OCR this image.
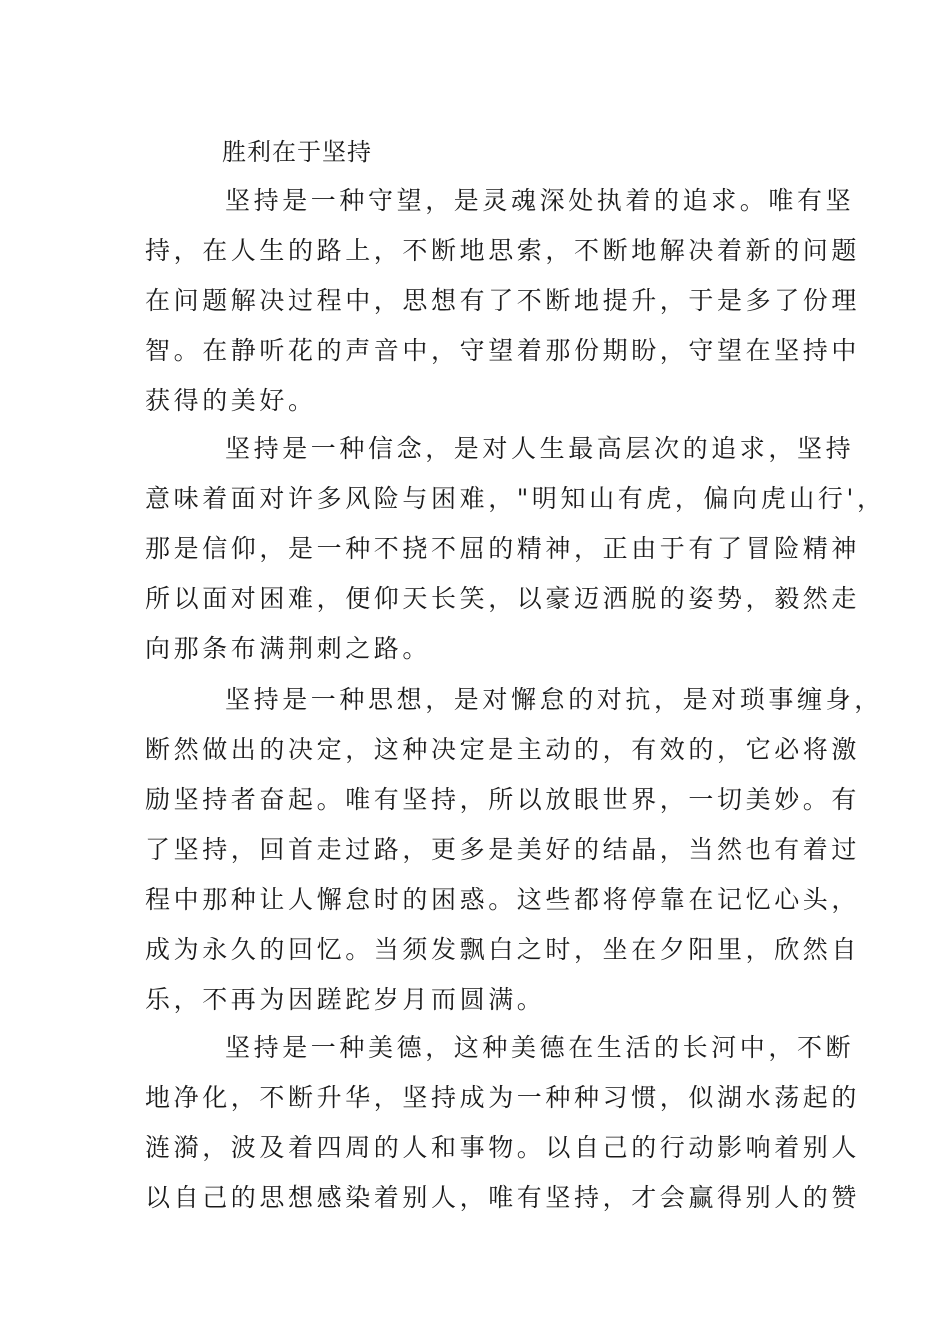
胜利在于坚持
坚持是一种守望，是灵魂深处执着的追求。唯有坚
持，在人生的路上，不断地思索，不断地解决着新的问题
在问题解决过程中，思想有了不断地提升，于是多了份理
智。在静听花的声音中，守望着那份期盼，守望在坚持中
获得的美好。
坚持是一种信念，是对人生最高层次的追求，坚持
意味着面对许多风险与困难，"明知山有虎，偏向虎山行'，
那是信仰，是一种不挠不屈的精神，正由于有了冒险精神
所以面对困难，便仰天长笑，以豪迈洒脱的姿势，毅然走
向那条布满荆刺之路。
坚持是一种思想，是对懈怠的对抗，是对琐事缠身，
断然做出的决定，这种决定是主动的，有效的，它必将激
励坚持者奋起。唯有坚持，所以放眼世界，一切美妙。有
了坚持，回首走过路，更多是美好的结晶，当然也有着过
程中那种让人懈怠时的困惑。这些都将停靠在记忆心头，
成为永久的回忆。当须发飘白之时，坐在夕阳里，欣然自
乐，不再为因蹉跎岁月而圆满。
坚持是一种美德，这种美德在生活的长河中，不断
地净化，不断升华，坚持成为一种种习惯，似湖水荡起的
涟漪，波及着四周的人和事物。以自己的行动影响着别人
以自己的思想感染着别人，唯有坚持，才会赢得别人的赞
